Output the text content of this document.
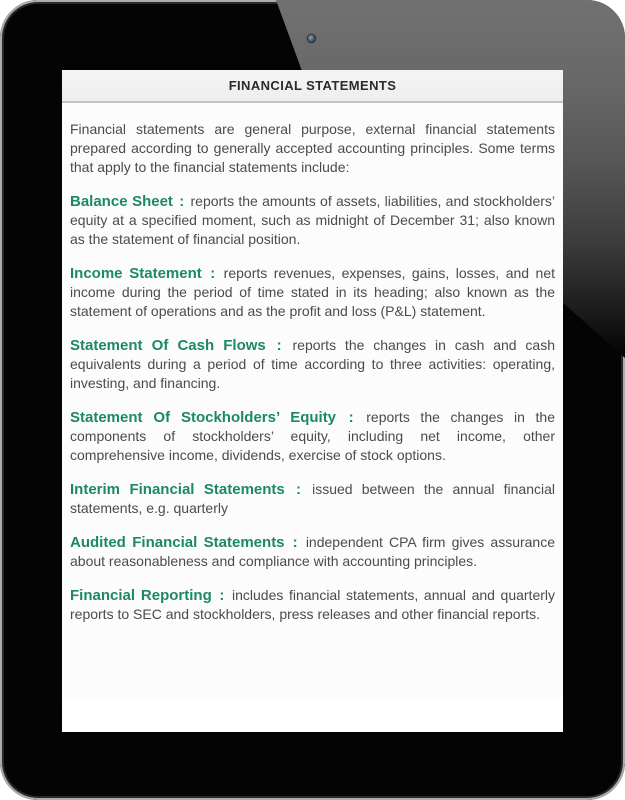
FINANCIAL STATEMENTS

Financial statements are general purpose, external financial statements prepared according to generally accepted accounting principles. Some terms that apply to the financial statements include:

Balance Sheet : reports the amounts of assets, liabilities, and stockholders’ equity at a specified moment, such as midnight of December 31; also known as the statement of financial position.

Income Statement : reports revenues, expenses, gains, losses, and net income during the period of time stated in its heading; also known as the statement of operations and as the profit and loss (P&L) statement.

Statement Of Cash Flows : reports the changes in cash and cash equivalents during a period of time according to three activities: operating, investing, and financing.

Statement Of Stockholders’ Equity : reports the changes in the components of stockholders’ equity, including net income, other comprehensive income, dividends, exercise of stock options.

Interim Financial Statements : issued between the annual financial statements, e.g. quarterly

Audited Financial Statements : independent CPA firm gives assurance about reasonableness and compliance with accounting principles.

Financial Reporting : includes financial statements, annual and quarterly reports to SEC and stockholders, press releases and other financial reports.
